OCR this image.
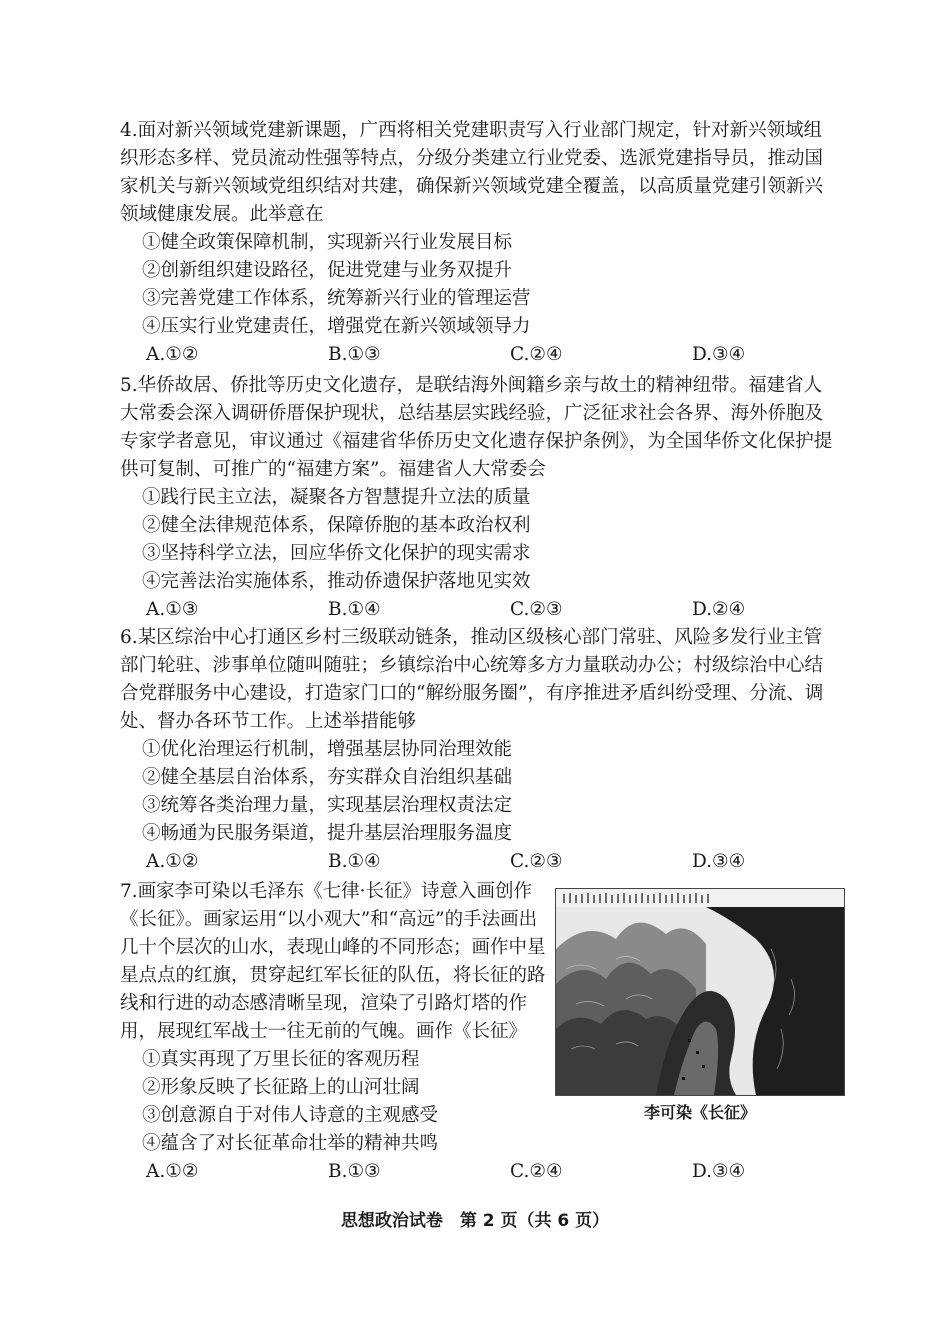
4.面对新兴领域党建新课题，广西将相关党建职责写入行业部门规定，针对新兴领域组织形态多样、党员流动性强等特点，分级分类建立行业党委、选派党建指导员，推动国家机关与新兴领域党组织结对共建，确保新兴领域党建全覆盖，以高质量党建引领新兴领域健康发展。此举意在

①健全政策保障机制，实现新兴行业发展目标

②创新组织建设路径，促进党建与业务双提升

③完善党建工作体系，统筹新兴行业的管理运营

④压实行业党建责任，增强党在新兴领域领导力

A.①②	B.①③	C.②④	D.③④

5.华侨故居、侨批等历史文化遗存，是联结海外闽籍乡亲与故土的精神纽带。福建省人大常委会深入调研侨厝保护现状，总结基层实践经验，广泛征求社会各界、海外侨胞及专家学者意见，审议通过《福建省华侨历史文化遗存保护条例》，为全国华侨文化保护提供可复制、可推广的“福建方案”。福建省人大常委会

①践行民主立法，凝聚各方智慧提升立法的质量

②健全法律规范体系，保障侨胞的基本政治权利

③坚持科学立法，回应华侨文化保护的现实需求

④完善法治实施体系，推动侨遗保护落地见实效

A.①③	B.①④	C.②③	D.②④

6.某区综治中心打通区乡村三级联动链条，推动区级核心部门常驻、风险多发行业主管部门轮驻、涉事单位随叫随驻；乡镇综治中心统筹多方力量联动办公；村级综治中心结合党群服务中心建设，打造家门口的“解纷服务圈”，有序推进矛盾纠纷受理、分流、调处、督办各环节工作。上述举措能够

①优化治理运行机制，增强基层协同治理效能

②健全基层自治体系，夯实群众自治组织基础

③统筹各类治理力量，实现基层治理权责法定

④畅通为民服务渠道，提升基层治理服务温度

A.①②	B.①④	C.②③	D.③④

7.画家李可染以毛泽东《七律·长征》诗意入画创作《长征》。画家运用“以小观大”和“高远”的手法画出几十个层次的山水，表现山峰的不同形态；画作中星星点点的红旗，贯穿起红军长征的队伍，将长征的路线和行进的动态感清晰呈现，渲染了引路灯塔的作用，展现红军战士一往无前的气魄。画作《长征》

①真实再现了万里长征的客观历程

②形象反映了长征路上的山河壮阔

③创意源自于对伟人诗意的主观感受

④蕴含了对长征革命壮举的精神共鸣

A.①②	B.①③	C.②④	D.③④
李可染《长征》
思想政治试卷　第 2 页（共 6 页）
